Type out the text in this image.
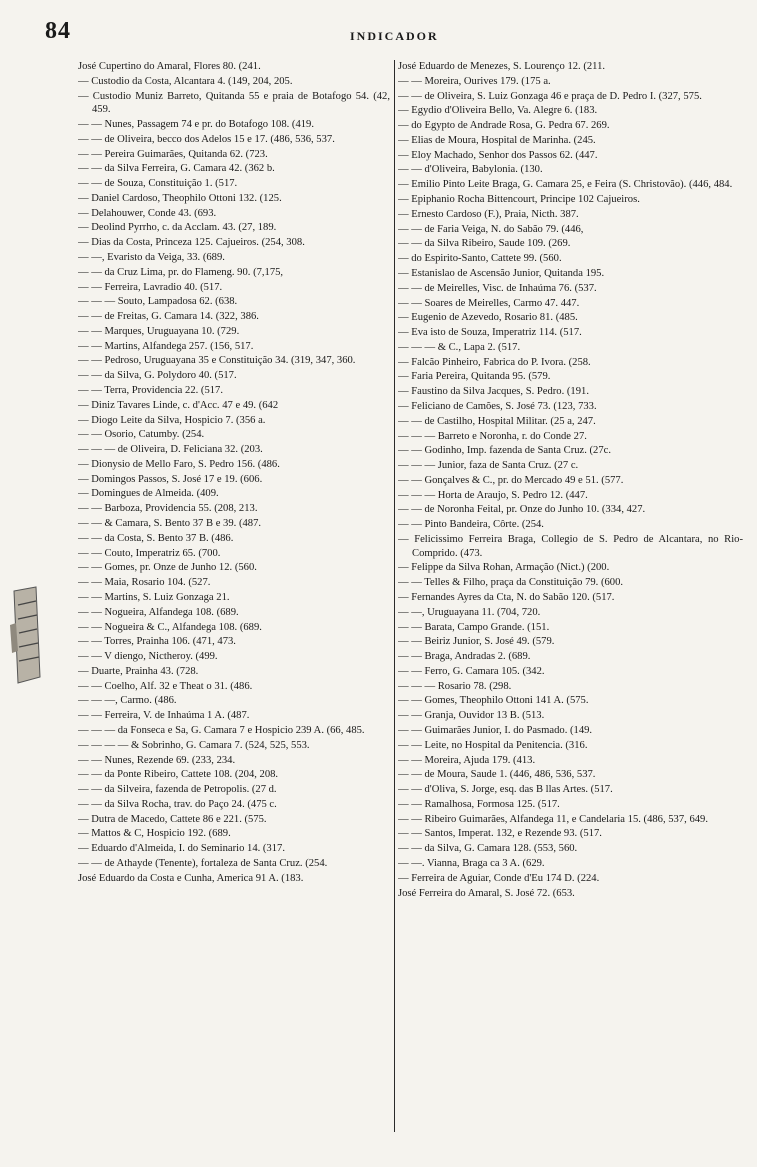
84	INDICADOR

José Cupertino do Amaral, Flores 80. (241.

— Custodio da Costa, Alcantara 4. (149, 204, 205.

— Custodio Muniz Barreto, Quitanda 55 e praia de Botafogo 54. (42, 459.

— — Nunes, Passagem 74 e pr. do Botafogo 108. (419.

— — de Oliveira, becco dos Adelos 15 e 17. (486, 536, 537.

— — Pereira Guimarães, Quitanda 62. (723.

— — da Silva Ferreira, G. Camara 42. (362 b.

— — de Souza, Constituição 1. (517.

— Daniel Cardoso, Theophilo Ottoni 132. (125.

— Delahouwer, Conde 43. (693.

— Deolind Pyrrho, c. da Acclam. 43. (27, 189.

— Dias da Costa, Princeza 125. Cajueiros. (254, 308.

— —, Evaristo da Veiga, 33. (689.

— — da Cruz Lima, pr. do Flameng. 90. (7,175,

— — Ferreira, Lavradio 40. (517.

— — — Souto, Lampadosa 62. (638.

— — de Freitas, G. Camara 14. (322, 386.

— — Marques, Uruguayana 10. (729.

— — Martins, Alfandega 257. (156, 517.

— — Pedroso, Uruguayana 35 e Constituição 34. (319, 347, 360.

— — da Silva, G. Polydoro 40. (517.

— — Terra, Providencia 22. (517.

— Diniz Tavares Linde, c. d'Acc. 47 e 49. (642

— Diogo Leite da Silva, Hospicio 7. (356 a.

— — Osorio, Catumby. (254.

— — — de Oliveira, D. Feliciana 32. (203.

— Dionysio de Mello Faro, S. Pedro 156. (486.

— Domingos Passos, S. José 17 e 19. (606.

— Domingues de Almeida. (409.

— — Barboza, Providencia 55. (208, 213.

— — & Camara, S. Bento 37 B e 39. (487.

— — da Costa, S. Bento 37 B. (486.

— — Couto, Imperatriz 65. (700.

— — Gomes, pr. Onze de Junho 12. (560.

— — Maia, Rosario 104. (527.

— — Martins, S. Luiz Gonzaga 21.

— — Nogueira, Alfandega 108. (689.

— — Nogueira & C., Alfandega 108. (689.

— — Torres, Prainha 106. (471, 473.

— — V diengo, Nictheroy. (499.

— Duarte, Prainha 43. (728.

— — Coelho, Alf. 32 e Theat o 31. (486.

— — —, Carmo. (486.

— — Ferreira, V. de Inhaúma 1 A. (487.

— — — da Fonseca e Sa, G. Camara 7 e Hospicio 239 A. (66, 485.

— — — — & Sobrinho, G. Camara 7. (524, 525, 553.

— — Nunes, Rezende 69. (233, 234.

— — da Ponte Ribeiro, Cattete 108. (204, 208.

— — da Silveira, fazenda de Petropolis. (27 d.

— — da Silva Rocha, trav. do Paço 24. (475 c.

— Dutra de Macedo, Cattete 86 e 221. (575.

— Mattos & C, Hospicio 192. (689.

— Eduardo d'Almeida, I. do Seminario 14. (317.

— — de Athayde (Tenente), fortaleza de Santa Cruz. (254.

José Eduardo da Costa e Cunha, America 91 A. (183.

José Eduardo de Menezes, S. Lourenço 12. (211.

— — Moreira, Ourives 179. (175 a.

— — de Oliveira, S. Luiz Gonzaga 46 e praça de D. Pedro I. (327, 575.

— Egydio d'Oliveira Bello, Va. Alegre 6. (183.

— do Egypto de Andrade Rosa, G. Pedra 67. 269.

— Elias de Moura, Hospital de Marinha. (245.

— Eloy Machado, Senhor dos Passos 62. (447.

— — d'Oliveira, Babylonia. (130.

— Emilio Pinto Leite Braga, G. Camara 25, e Feira (S. Christovão). (446, 484.

— Epiphanio Rocha Bittencourt, Principe 102 Cajueiros.

— Ernesto Cardoso (F.), Praia, Nicth. 387.

— — de Faria Veiga, N. do Sabão 79. (446,

— — da Silva Ribeiro, Saude 109. (269.

— do Espirito-Santo, Cattete 99. (560.

— Estanislao de Ascensão Junior, Quitanda 195.

— — de Meirelles, Visc. de Inhaúma 76. (537.

— — Soares de Meirelles, Carmo 47. 447.

— Eugenio de Azevedo, Rosario 81. (485.

— Eva isto de Souza, Imperatriz 114. (517.

— — — & C., Lapa 2. (517.

— Falcão Pinheiro, Fabrica do P. Ivora. (258.

— Faria Pereira, Quitanda 95. (579.

— Faustino da Silva Jacques, S. Pedro. (191.

— Feliciano de Camões, S. José 73. (123, 733.

— — de Castilho, Hospital Militar. (25 a, 247.

— — — Barreto e Noronha, r. do Conde 27.

— — Godinho, Imp. fazenda de Santa Cruz. (27c.

— — — Junior, faza de Santa Cruz. (27 c.

— — Gonçalves & C., pr. do Mercado 49 e 51. (577.

— — — Horta de Araujo, S. Pedro 12. (447.

— — de Noronha Feital, pr. Onze do Junho 10. (334, 427.

— — Pinto Bandeira, Côrte. (254.

— Felicissimo Ferreira Braga, Collegio de S. Pedro de Alcantara, no Rio-Comprido. (473.

— Felippe da Silva Rohan, Armação (Nict.) (200.

— — Telles & Filho, praça da Constituição 79. (600.

— Fernandes Ayres da Cta, N. do Sabão 120. (517.

— —, Uruguayana 11. (704, 720.

— — Barata, Campo Grande. (151.

— — Beiriz Junior, S. José 49. (579.

— — Braga, Andradas 2. (689.

— — Ferro, G. Camara 105. (342.

— — — Rosario 78. (298.

— — Gomes, Theophilo Ottoni 141 A. (575.

— — Granja, Ouvidor 13 B. (513.

— — Guimarães Junior, I. do Pasmado. (149.

— — Leite, no Hospital da Penitencia. (316.

— — Moreira, Ajuda 179. (413.

— — de Moura, Saude 1. (446, 486, 536, 537.

— — d'Oliva, S. Jorge, esq. das B llas Artes. (517.

— — Ramalhosa, Formosa 125. (517.

— — Ribeiro Guimarães, Alfandega 11, e Candelaria 15. (486, 537, 649.

— — Santos, Imperat. 132, e Rezende 93. (517.

— — da Silva, G. Camara 128. (553, 560.

— —. Vianna, Braga ca 3 A. (629.

— Ferreira de Aguiar, Conde d'Eu 174 D. (224.

José Ferreira do Amaral, S. José 72. (653.
